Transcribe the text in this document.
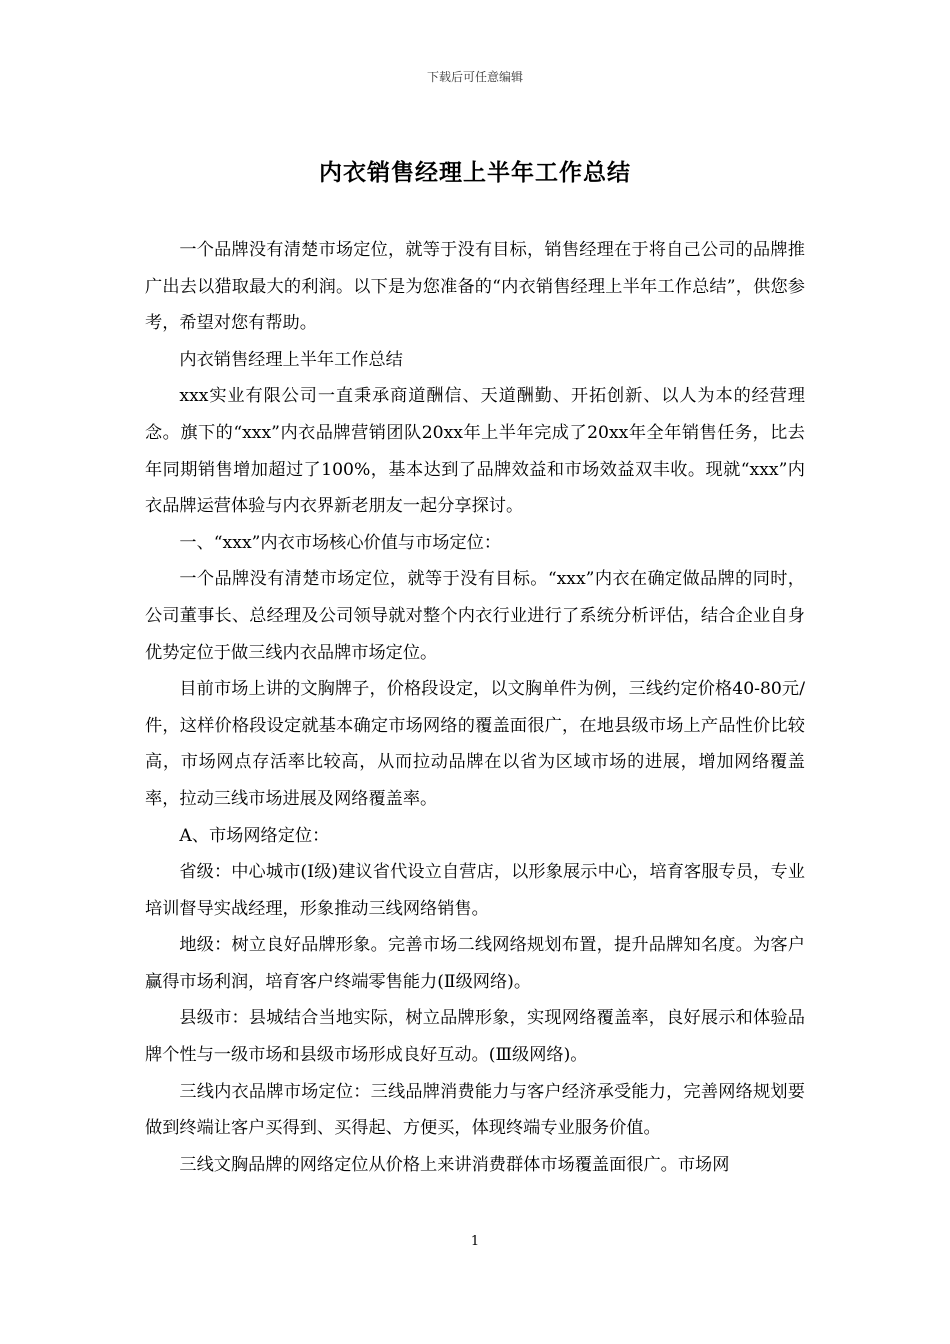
下载后可任意编辑
内衣销售经理上半年工作总结

一个品牌没有清楚市场定位，就等于没有目标，销售经理在于将自己公司的品牌推广出去以猎取最大的利润。以下是为您准备的“内衣销售经理上半年工作总结”，供您参考，希望对您有帮助。

内衣销售经理上半年工作总结

xxx实业有限公司一直秉承商道酬信、天道酬勤、开拓创新、以人为本的经营理念。旗下的“xxx”内衣品牌营销团队20xx年上半年完成了20xx年全年销售任务，比去年同期销售增加超过了100%，基本达到了品牌效益和市场效益双丰收。现就“xxx”内衣品牌运营体验与内衣界新老朋友一起分享探讨。

一、“xxx”内衣市场核心价值与市场定位：

一个品牌没有清楚市场定位，就等于没有目标。“xxx”内衣在确定做品牌的同时，公司董事长、总经理及公司领导就对整个内衣行业进行了系统分析评估，结合企业自身优势定位于做三线内衣品牌市场定位。

目前市场上讲的文胸牌子，价格段设定，以文胸单件为例，三线约定价格40-80元/件，这样价格段设定就基本确定市场网络的覆盖面很广，在地县级市场上产品性价比较高，市场网点存活率比较高，从而拉动品牌在以省为区域市场的进展，增加网络覆盖率，拉动三线市场进展及网络覆盖率。

A、市场网络定位：

省级：中心城市(Ⅰ级)建议省代设立自营店，以形象展示中心，培育客服专员，专业培训督导实战经理，形象推动三线网络销售。

地级：树立良好品牌形象。完善市场二线网络规划布置，提升品牌知名度。为客户赢得市场利润，培育客户终端零售能力(Ⅱ级网络)。

县级市：县城结合当地实际，树立品牌形象，实现网络覆盖率，良好展示和体验品牌个性与一级市场和县级市场形成良好互动。(Ⅲ级网络)。

三线内衣品牌市场定位：三线品牌消费能力与客户经济承受能力，完善网络规划要做到终端让客户买得到、买得起、方便买，体现终端专业服务价值。

三线文胸品牌的网络定位从价格上来讲消费群体市场覆盖面很广。市场网

1
